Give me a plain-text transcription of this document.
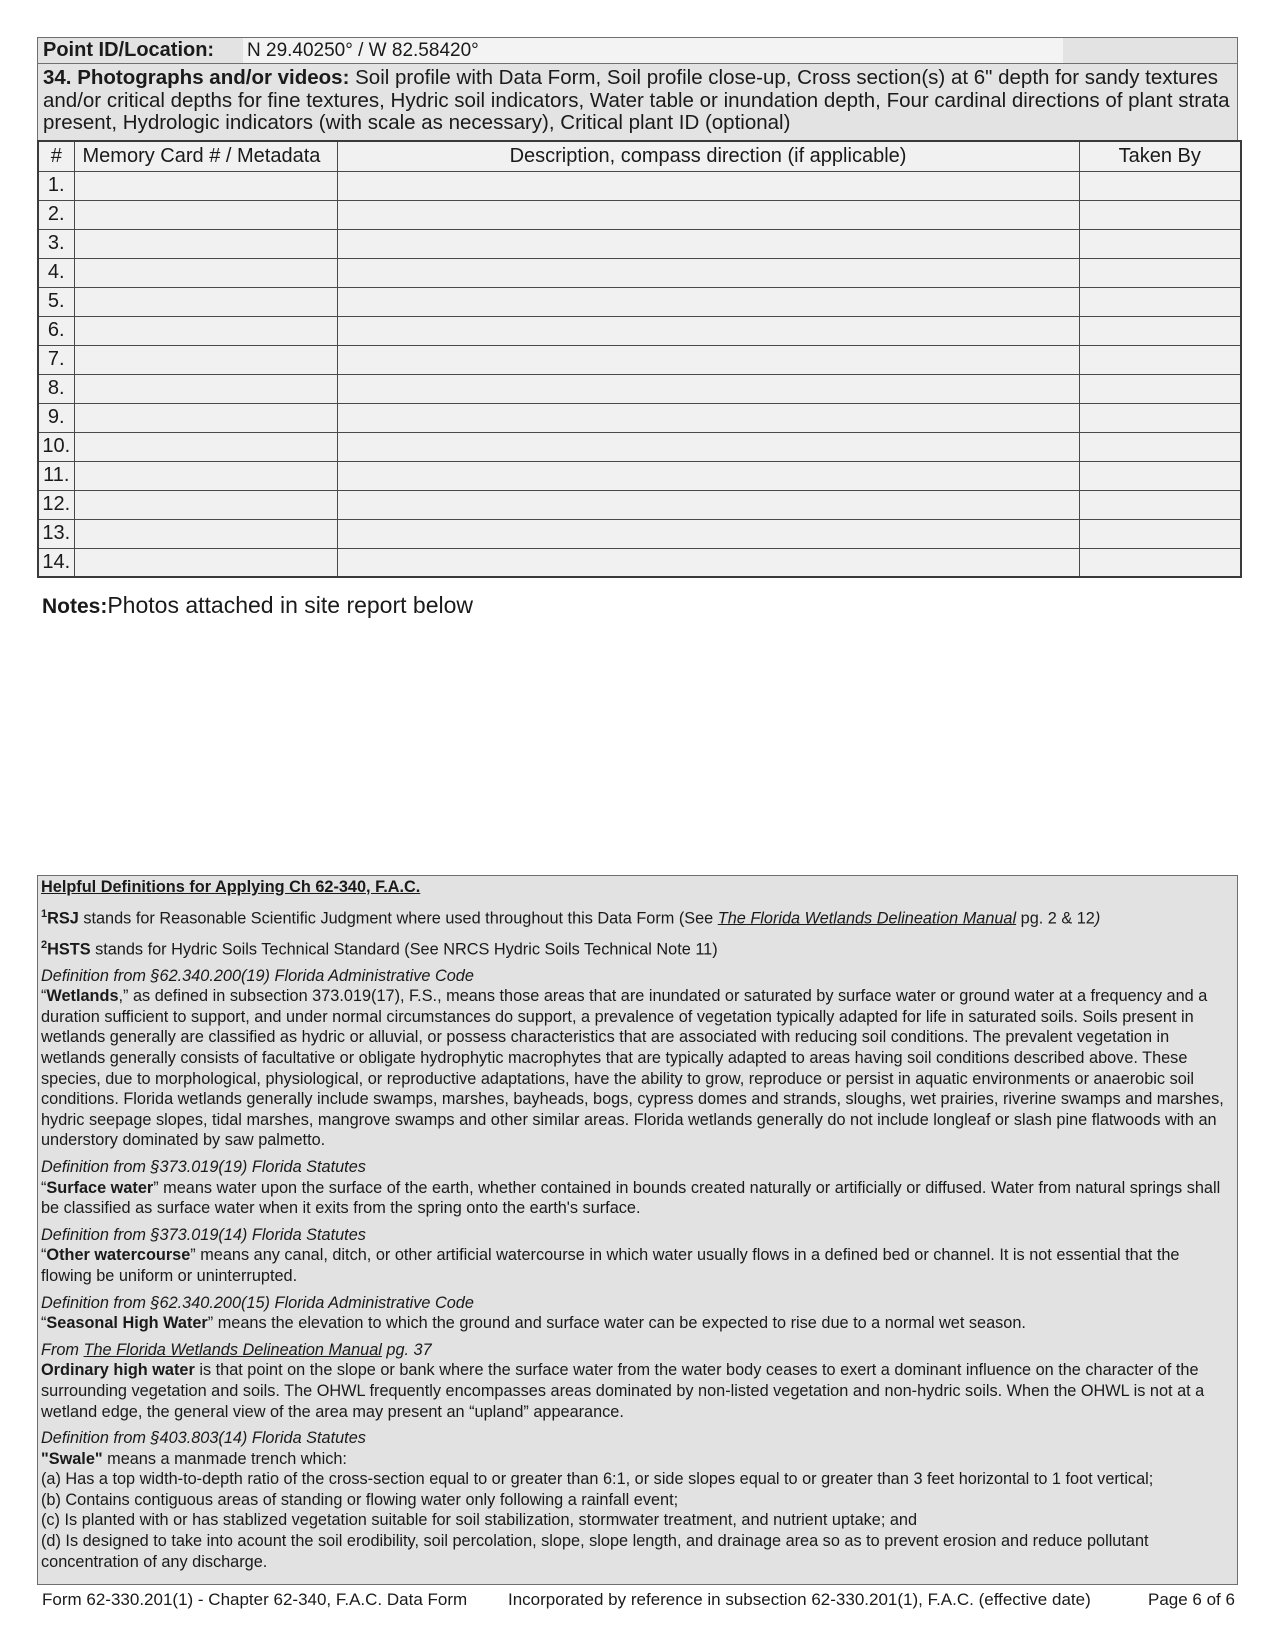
Point ID/Location: N 29.40250° / W 82.58420°
34. Photographs and/or videos: Soil profile with Data Form, Soil profile close-up, Cross section(s) at 6" depth for sandy textures and/or critical depths for fine textures, Hydric soil indicators, Water table or inundation depth, Four cardinal directions of plant strata present, Hydrologic indicators (with scale as necessary), Critical plant ID (optional)
#	Memory Card # / Metadata	Description, compass direction (if applicable)	Taken By
1.			
2.			
3.			
4.			
5.			
6.			
7.			
8.			
9.			
10.			
11.			
12.			
13.			
14.			
Notes:Photos attached in site report below

Helpful Definitions for Applying Ch 62-340, F.A.C.

$^1$RSJ stands for Reasonable Scientific Judgment where used throughout this Data Form (See The Florida Wetlands Delineation Manual pg. 2 & 12)

$^2$HSTS stands for Hydric Soils Technical Standard (See NRCS Hydric Soils Technical Note 11)

Definition from §62.340.200(19) Florida Administrative Code

“Wetlands,” as defined in subsection 373.019(17), F.S., means those areas that are inundated or saturated by surface water or ground water at a frequency and a duration sufficient to support, and under normal circumstances do support, a prevalence of vegetation typically adapted for life in saturated soils. Soils present in wetlands generally are classified as hydric or alluvial, or possess characteristics that are associated with reducing soil conditions. The prevalent vegetation in wetlands generally consists of facultative or obligate hydrophytic macrophytes that are typically adapted to areas having soil conditions described above. These species, due to morphological, physiological, or reproductive adaptations, have the ability to grow, reproduce or persist in aquatic environments or anaerobic soil conditions. Florida wetlands generally include swamps, marshes, bayheads, bogs, cypress domes and strands, sloughs, wet prairies, riverine swamps and marshes, hydric seepage slopes, tidal marshes, mangrove swamps and other similar areas. Florida wetlands generally do not include longleaf or slash pine flatwoods with an understory dominated by saw palmetto.

Definition from §373.019(19) Florida Statutes

“Surface water” means water upon the surface of the earth, whether contained in bounds created naturally or artificially or diffused. Water from natural springs shall be classified as surface water when it exits from the spring onto the earth's surface.

Definition from §373.019(14) Florida Statutes

“Other watercourse” means any canal, ditch, or other artificial watercourse in which water usually flows in a defined bed or channel. It is not essential that the flowing be uniform or uninterrupted.

Definition from §62.340.200(15) Florida Administrative Code

“Seasonal High Water” means the elevation to which the ground and surface water can be expected to rise due to a normal wet season.

From The Florida Wetlands Delineation Manual pg. 37

Ordinary high water is that point on the slope or bank where the surface water from the water body ceases to exert a dominant influence on the character of the surrounding vegetation and soils. The OHWL frequently encompasses areas dominated by non-listed vegetation and non-hydric soils. When the OHWL is not at a wetland edge, the general view of the area may present an “upland” appearance.

Definition from §403.803(14) Florida Statutes

"Swale" means a manmade trench which:

(a) Has a top width-to-depth ratio of the cross-section equal to or greater than 6:1, or side slopes equal to or greater than 3 feet horizontal to 1 foot vertical;

(b) Contains contiguous areas of standing or flowing water only following a rainfall event;

(c) Is planted with or has stablized vegetation suitable for soil stabilization, stormwater treatment, and nutrient uptake; and

(d) Is designed to take into acount the soil erodibility, soil percolation, slope, slope length, and drainage area so as to prevent erosion and reduce pollutant concentration of any discharge.

Form 62-330.201(1) - Chapter 62-340, F.A.C. Data Form Incorporated by reference in subsection 62-330.201(1), F.A.C. (effective date)	Page 6 of 6
